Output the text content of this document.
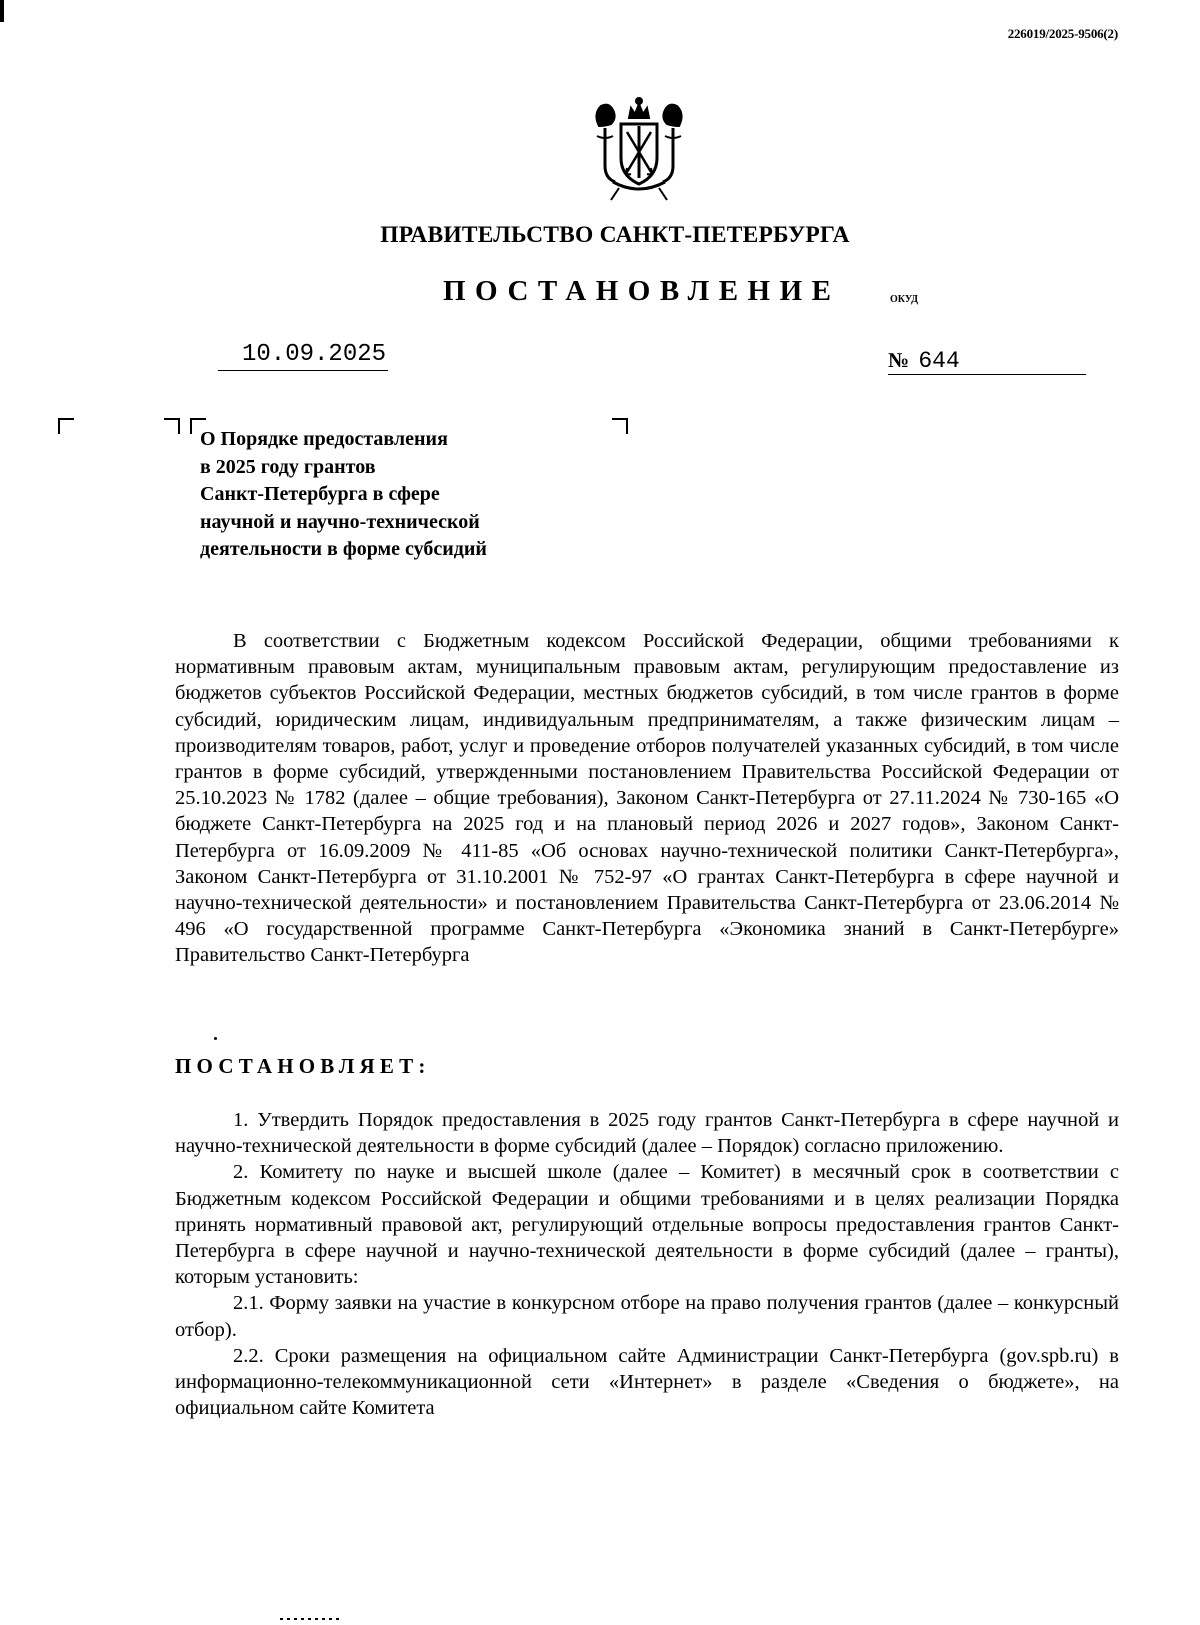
226019/2025-9506(2)
ПРАВИТЕЛЬСТВО САНКТ-ПЕТЕРБУРГА
ПОСТАНОВЛЕНИЕ	ОКУД
10.09.2025	№ 644
О Порядке предоставления
в 2025 году грантов
Санкт-Петербурга в сфере
научной и научно-технической
деятельности в форме субсидий

В соответствии с Бюджетным кодексом Российской Федерации, общими требованиями к нормативным правовым актам, муниципальным правовым актам, регулирующим предоставление из бюджетов субъектов Российской Федерации, местных бюджетов субсидий, в том числе грантов в форме субсидий, юридическим лицам, индивидуальным предпринимателям, а также физическим лицам – производителям товаров, работ, услуг и проведение отборов получателей указанных субсидий, в том числе грантов в форме субсидий, утвержденными постановлением Правительства Российской Федерации от 25.10.2023 № 1782 (далее – общие требования), Законом Санкт-Петербурга от 27.11.2024 № 730-165 «О бюджете Санкт-Петербурга на 2025 год и на плановый период 2026 и 2027 годов», Законом Санкт-Петербурга от 16.09.2009 № 411-85 «Об основах научно-технической политики Санкт-Петербурга», Законом Санкт-Петербурга от 31.10.2001 № 752-97 «О грантах Санкт-Петербурга в сфере научной и научно-технической деятельности» и постановлением Правительства Санкт-Петербурга от 23.06.2014 № 496 «О государственной программе Санкт-Петербурга «Экономика знаний в Санкт-Петербурге» Правительство Санкт-Петербурга

ПОСТАНОВЛЯЕТ:

1. Утвердить Порядок предоставления в 2025 году грантов Санкт-Петербурга в сфере научной и научно-технической деятельности в форме субсидий (далее – Порядок) согласно приложению.

2. Комитету по науке и высшей школе (далее – Комитет) в месячный срок в соответствии с Бюджетным кодексом Российской Федерации и общими требованиями и в целях реализации Порядка принять нормативный правовой акт, регулирующий отдельные вопросы предоставления грантов Санкт-Петербурга в сфере научной и научно-технической деятельности в форме субсидий (далее – гранты), которым установить:

2.1. Форму заявки на участие в конкурсном отборе на право получения грантов (далее – конкурсный отбор).

2.2. Сроки размещения на официальном сайте Администрации Санкт-Петербурга (gov.spb.ru) в информационно-телекоммуникационной сети «Интернет» в разделе «Сведения о бюджете», на официальном сайте Комитета
